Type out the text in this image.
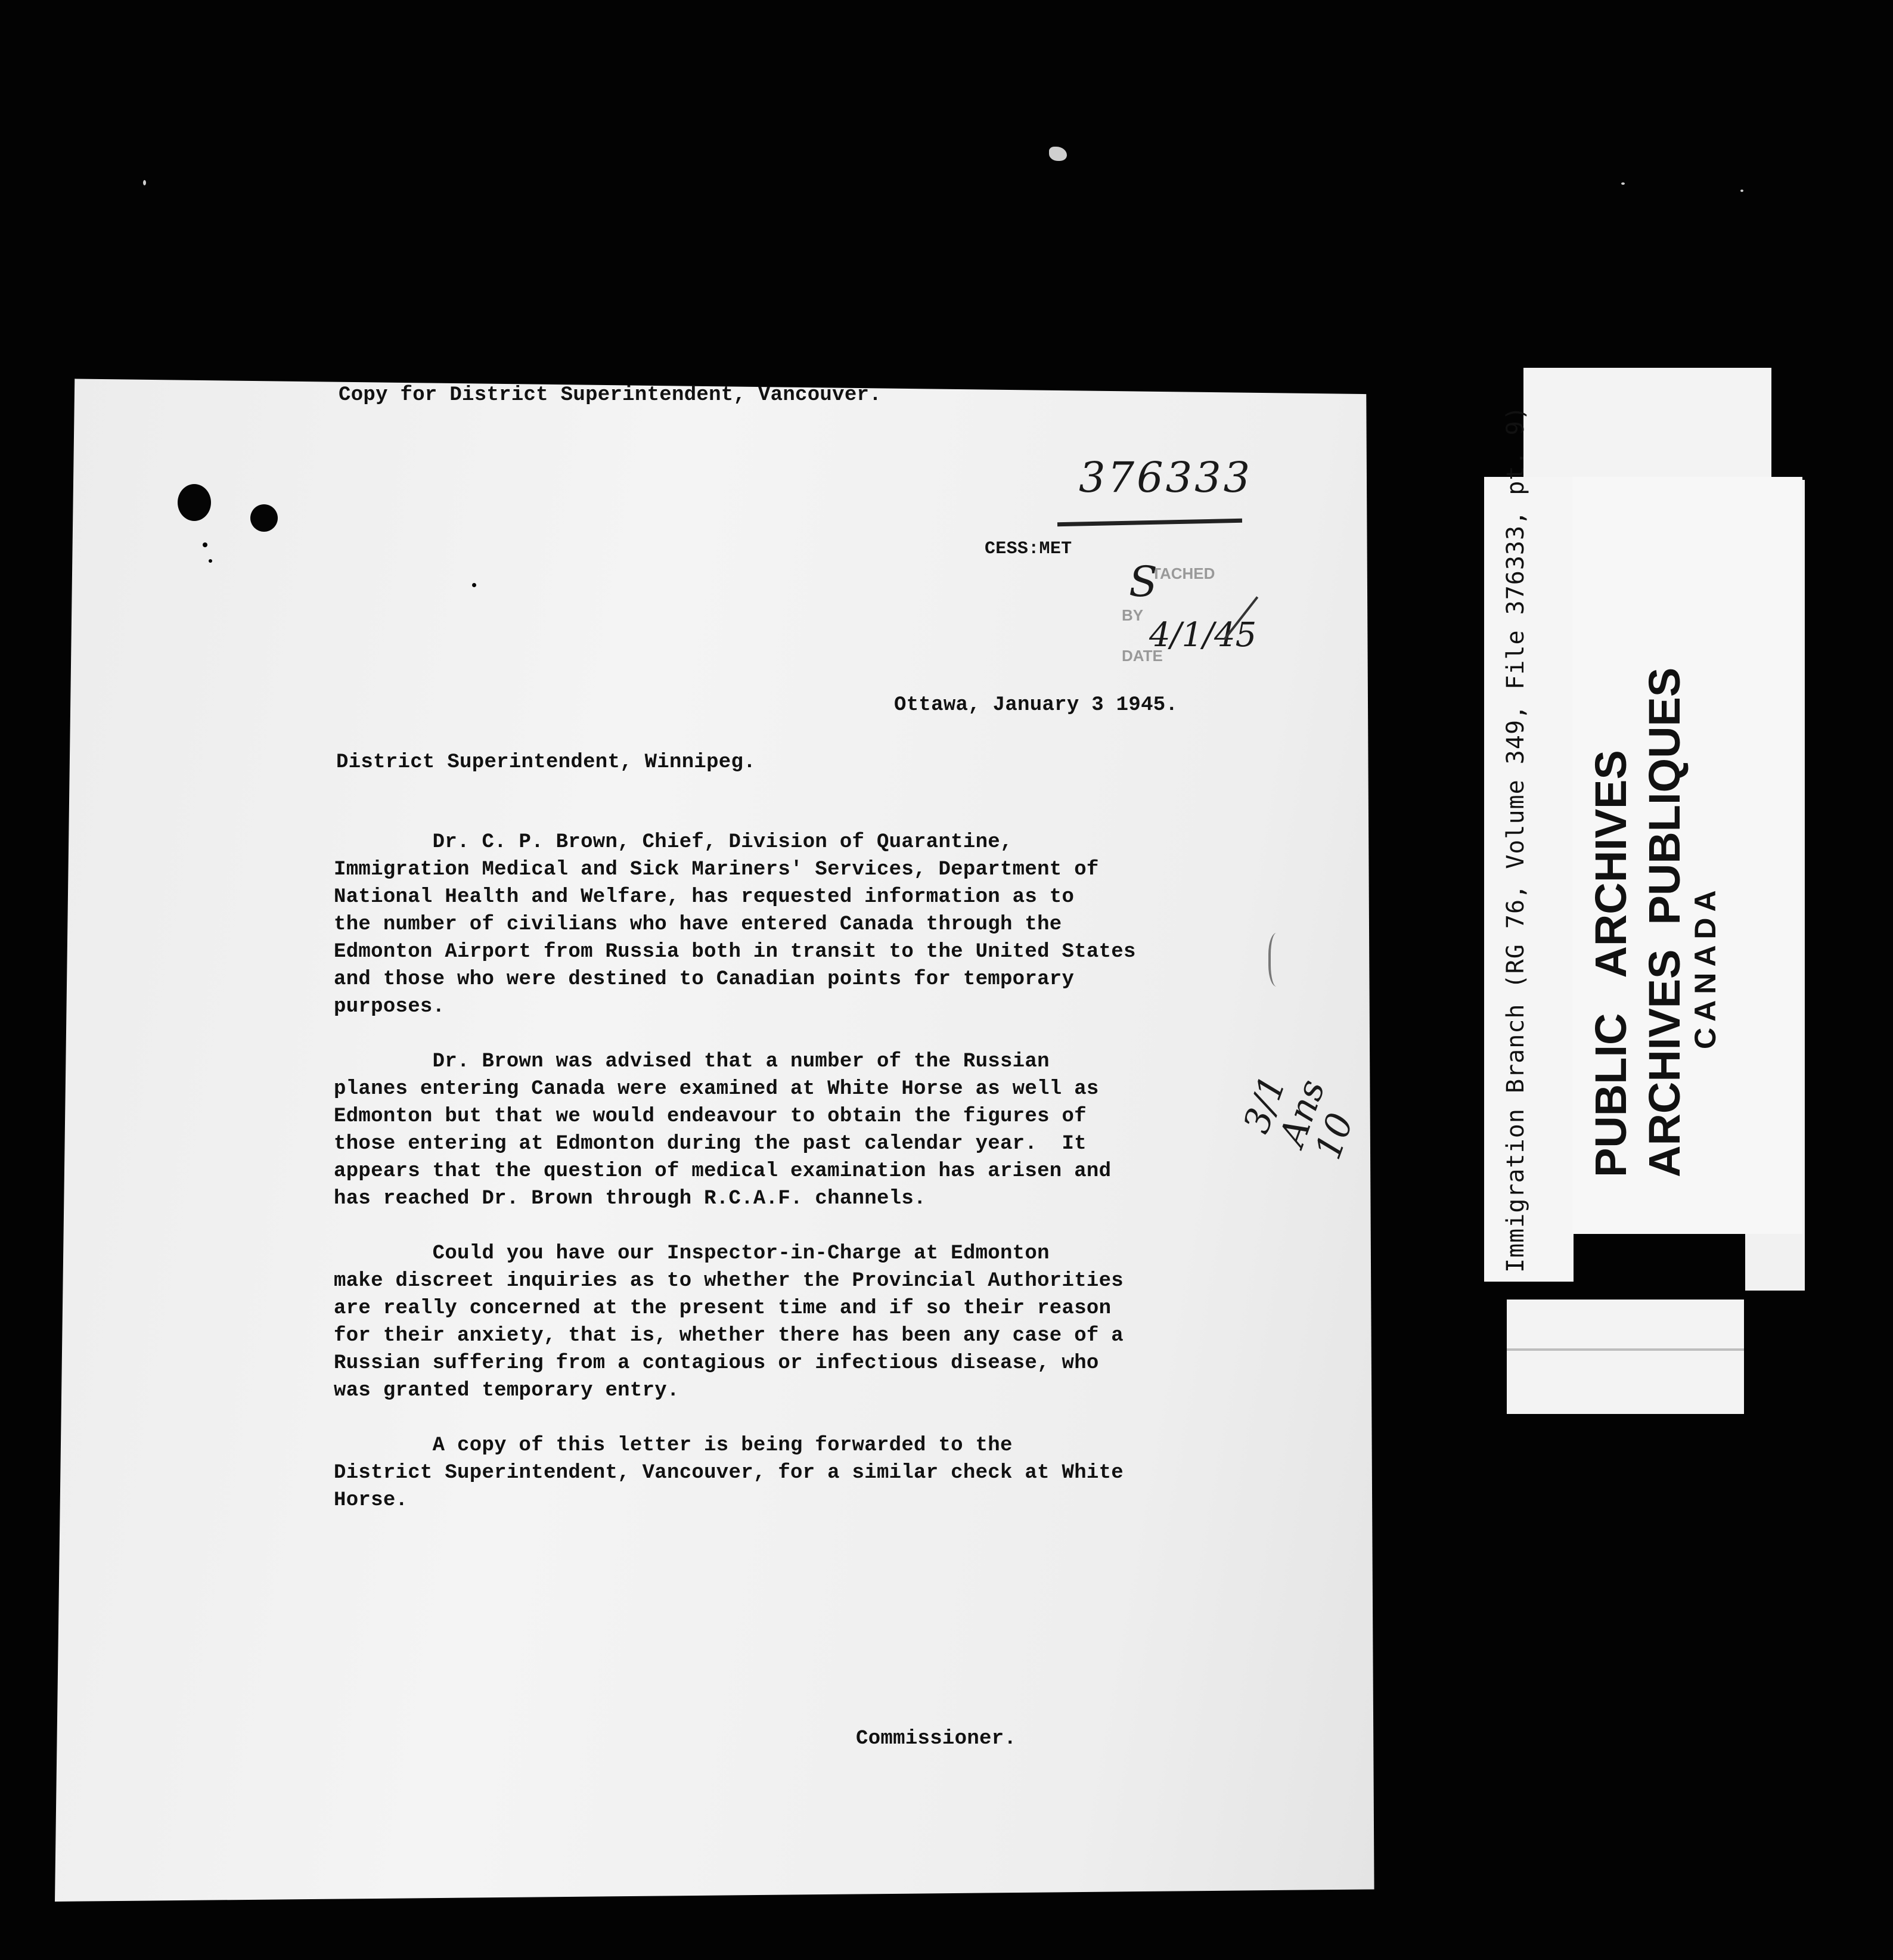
Copy for District Superintendent, Vancouver.
376333
CESS:MET
TACHED
BY
DATE
S
4/1/45
Ottawa, January 3 1945.
District Superintendent, Winnipeg.
Dr. C. P. Brown, Chief, Division of Quarantine,
Immigration Medical and Sick Mariners' Services, Department of
National Health and Welfare, has requested information as to
the number of civilians who have entered Canada through the
Edmonton Airport from Russia both in transit to the United States
and those who were destined to Canadian points for temporary
purposes.
Dr. Brown was advised that a number of the Russian
planes entering Canada were examined at White Horse as well as
Edmonton but that we would endeavour to obtain the figures of
those entering at Edmonton during the past calendar year.  It
appears that the question of medical examination has arisen and
has reached Dr. Brown through R.C.A.F. channels.
Could you have our Inspector-in-Charge at Edmonton
make discreet inquiries as to whether the Provincial Authorities
are really concerned at the present time and if so their reason
for their anxiety, that is, whether there has been any case of a
Russian suffering from a contagious or infectious disease, who
was granted temporary entry.
A copy of this letter is being forwarded to the
District Superintendent, Vancouver, for a similar check at White
Horse.
3/1 Ans 10
Commissioner.
Immigration Branch (RG 76, Volume 349, File 376333, pt. 9) PUBLIC   ARCHIVES ARCHIVES  PUBLIQUES CANADA
